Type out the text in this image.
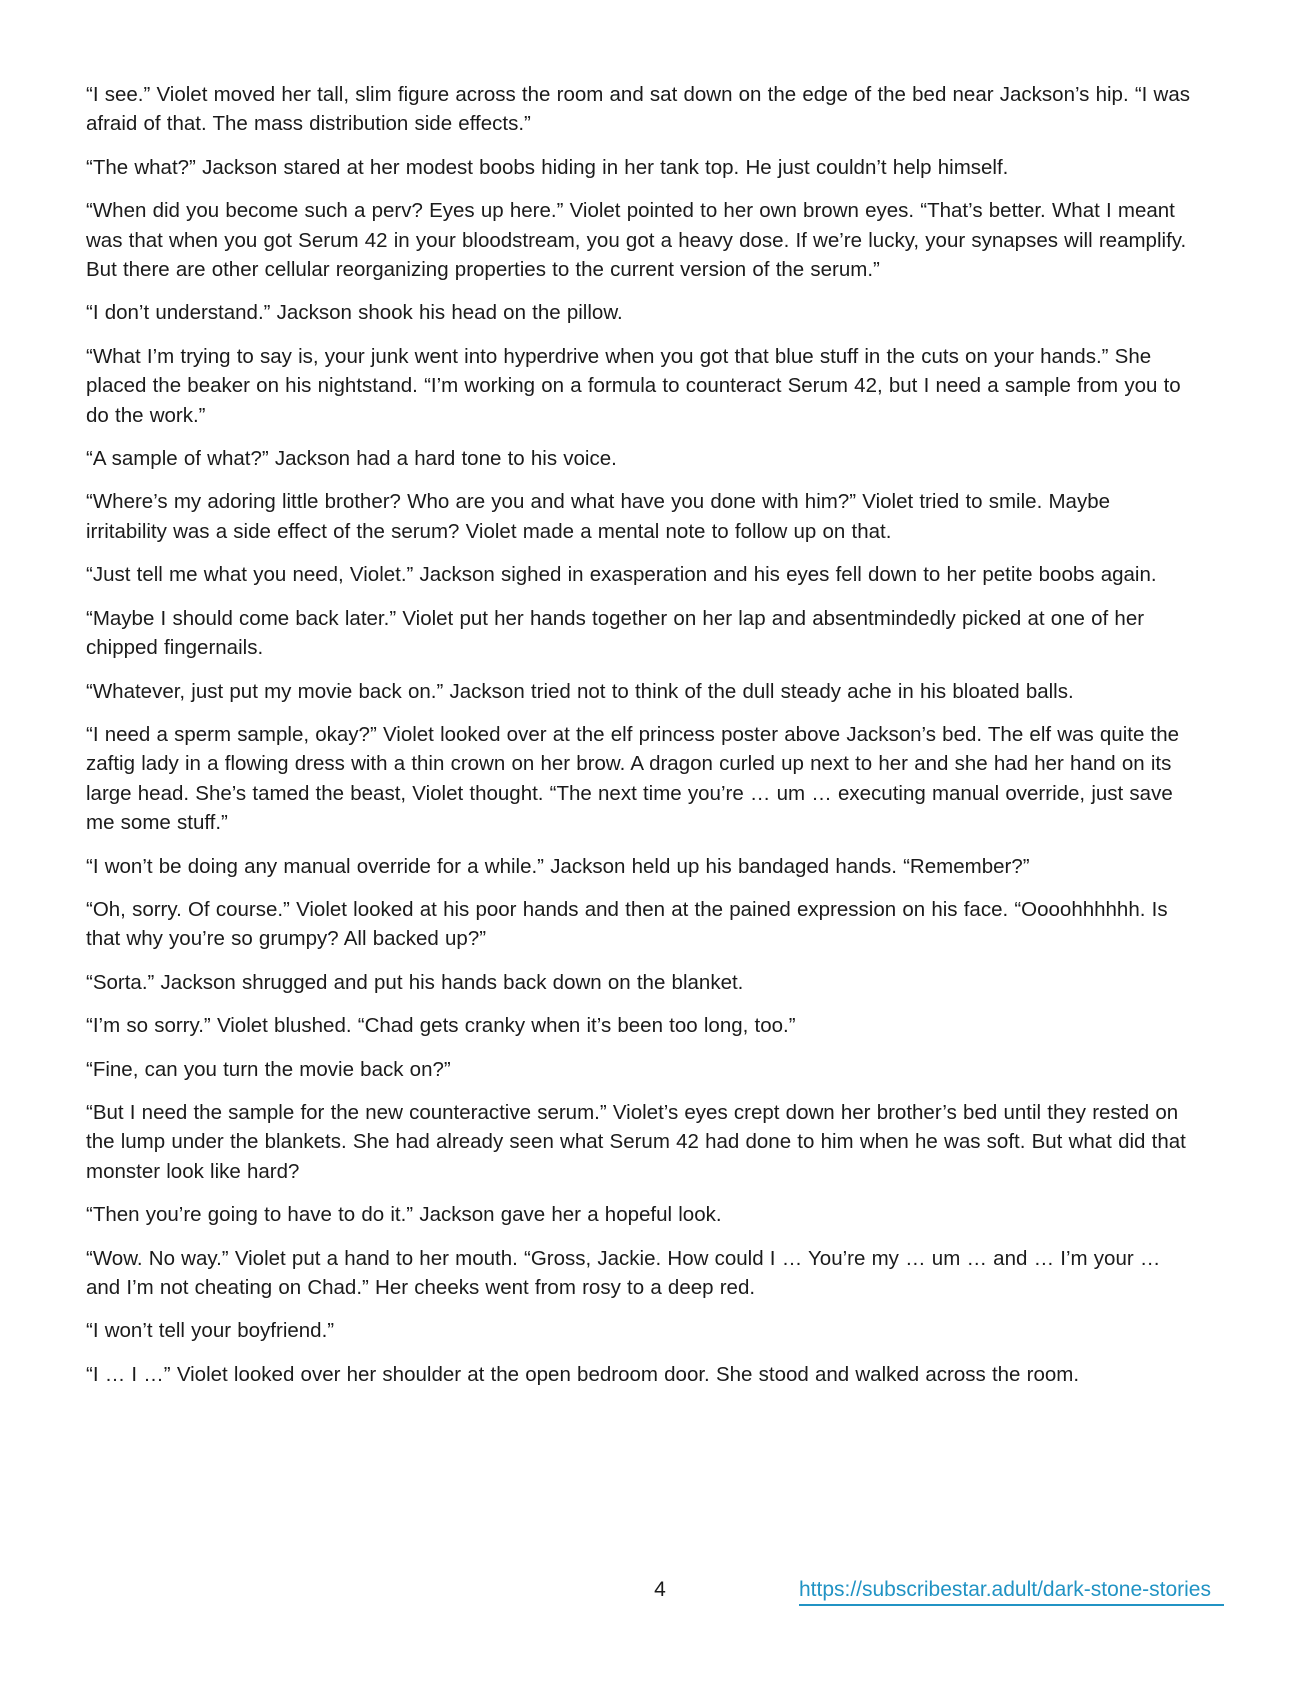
“I see.” Violet moved her tall, slim figure across the room and sat down on the edge of the bed near Jackson’s hip. “I was afraid of that. The mass distribution side effects.”

“The what?” Jackson stared at her modest boobs hiding in her tank top. He just couldn’t help himself.

“When did you become such a perv? Eyes up here.” Violet pointed to her own brown eyes. “That’s better. What I meant was that when you got Serum 42 in your bloodstream, you got a heavy dose. If we’re lucky, your synapses will reamplify. But there are other cellular reorganizing properties to the current version of the serum.”

“I don’t understand.” Jackson shook his head on the pillow.

“What I’m trying to say is, your junk went into hyperdrive when you got that blue stuff in the cuts on your hands.” She placed the beaker on his nightstand. “I’m working on a formula to counteract Serum 42, but I need a sample from you to do the work.”

“A sample of what?” Jackson had a hard tone to his voice.

“Where’s my adoring little brother? Who are you and what have you done with him?” Violet tried to smile. Maybe irritability was a side effect of the serum? Violet made a mental note to follow up on that.

“Just tell me what you need, Violet.” Jackson sighed in exasperation and his eyes fell down to her petite boobs again.

“Maybe I should come back later.” Violet put her hands together on her lap and absentmindedly picked at one of her chipped fingernails.

“Whatever, just put my movie back on.” Jackson tried not to think of the dull steady ache in his bloated balls.

“I need a sperm sample, okay?” Violet looked over at the elf princess poster above Jackson’s bed. The elf was quite the zaftig lady in a flowing dress with a thin crown on her brow. A dragon curled up next to her and she had her hand on its large head. She’s tamed the beast, Violet thought. “The next time you’re … um … executing manual override, just save me some stuff.”

“I won’t be doing any manual override for a while.” Jackson held up his bandaged hands. “Remember?”

“Oh, sorry. Of course.” Violet looked at his poor hands and then at the pained expression on his face. “Oooohhhhhh. Is that why you’re so grumpy? All backed up?”

“Sorta.” Jackson shrugged and put his hands back down on the blanket.

“I’m so sorry.” Violet blushed. “Chad gets cranky when it’s been too long, too.”

“Fine, can you turn the movie back on?”

“But I need the sample for the new counteractive serum.” Violet’s eyes crept down her brother’s bed until they rested on the lump under the blankets. She had already seen what Serum 42 had done to him when he was soft. But what did that monster look like hard?

“Then you’re going to have to do it.” Jackson gave her a hopeful look.

“Wow. No way.” Violet put a hand to her mouth. “Gross, Jackie. How could I … You’re my … um … and … I’m your … and I’m not cheating on Chad.” Her cheeks went from rosy to a deep red.

“I won’t tell your boyfriend.”

“I … I …” Violet looked over her shoulder at the open bedroom door. She stood and walked across the room.

4	https://subscribestar.adult/dark-stone-stories
